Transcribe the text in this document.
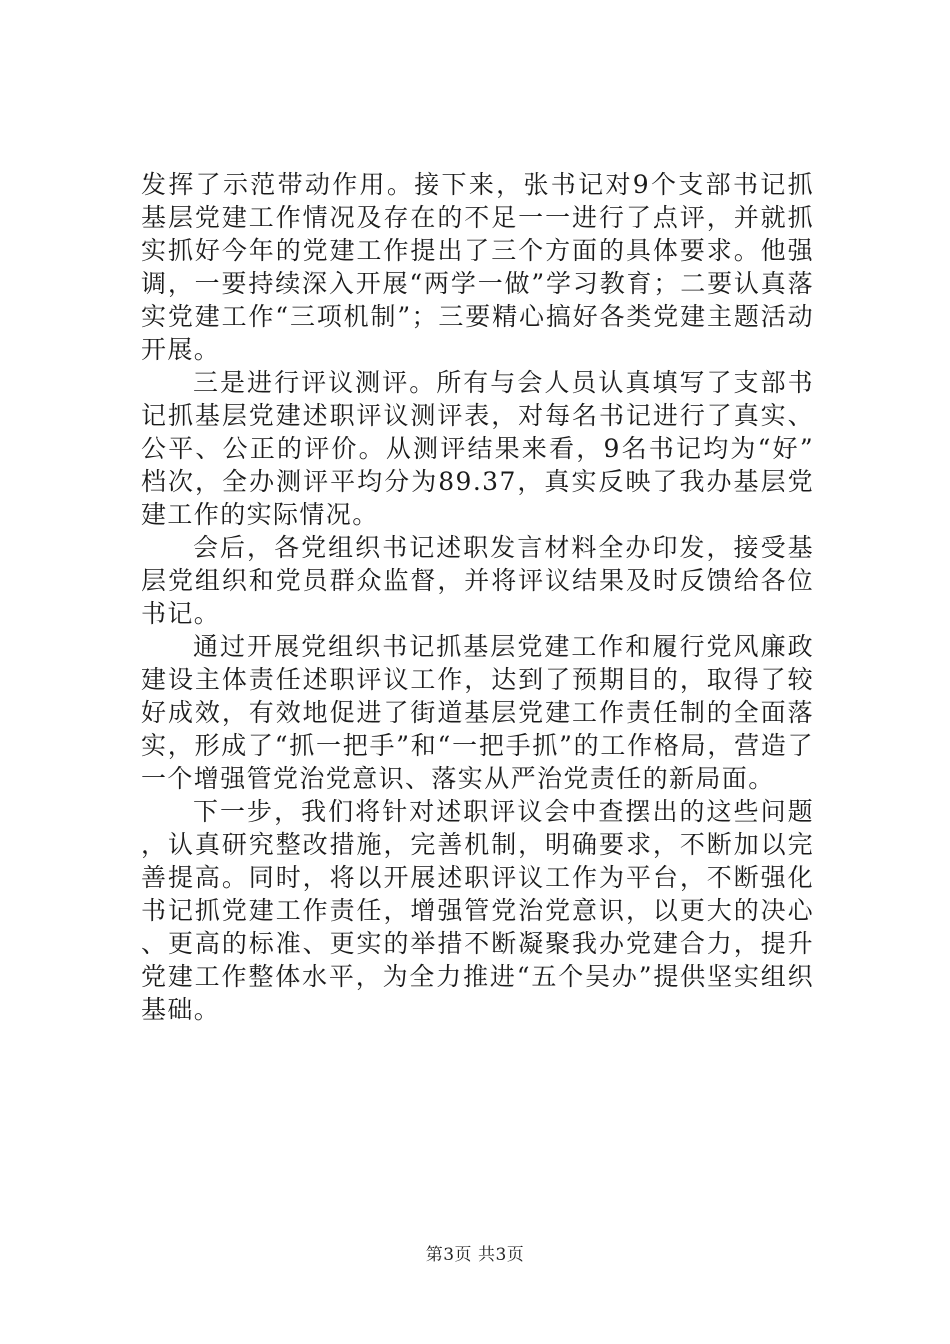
发挥了示范带动作用。接下来，张书记对9个支部书记抓基层党建工作情况及存在的不足一一进行了点评，并就抓实抓好今年的党建工作提出了三个方面的具体要求。他强调，一要持续深入开展“两学一做”学习教育；二要认真落实党建工作“三项机制”；三要精心搞好各类党建主题活动开展。

三是进行评议测评。所有与会人员认真填写了支部书记抓基层党建述职评议测评表，对每名书记进行了真实、公平、公正的评价。从测评结果来看，9名书记均为“好”档次，全办测评平均分为89.37，真实反映了我办基层党建工作的实际情况。

会后，各党组织书记述职发言材料全办印发，接受基层党组织和党员群众监督，并将评议结果及时反馈给各位书记。

通过开展党组织书记抓基层党建工作和履行党风廉政建设主体责任述职评议工作，达到了预期目的，取得了较好成效，有效地促进了街道基层党建工作责任制的全面落实，形成了“抓一把手”和“一把手抓”的工作格局，营造了一个增强管党治党意识、落实从严治党责任的新局面。

下一步，我们将针对述职评议会中查摆出的这些问题，认真研究整改措施，完善机制，明确要求，不断加以完善提高。同时，将以开展述职评议工作为平台，不断强化书记抓党建工作责任，增强管党治党意识，以更大的决心、更高的标准、更实的举措不断凝聚我办党建合力，提升党建工作整体水平，为全力推进“五个吴办”提供坚实组织基础。

第3页 共3页
